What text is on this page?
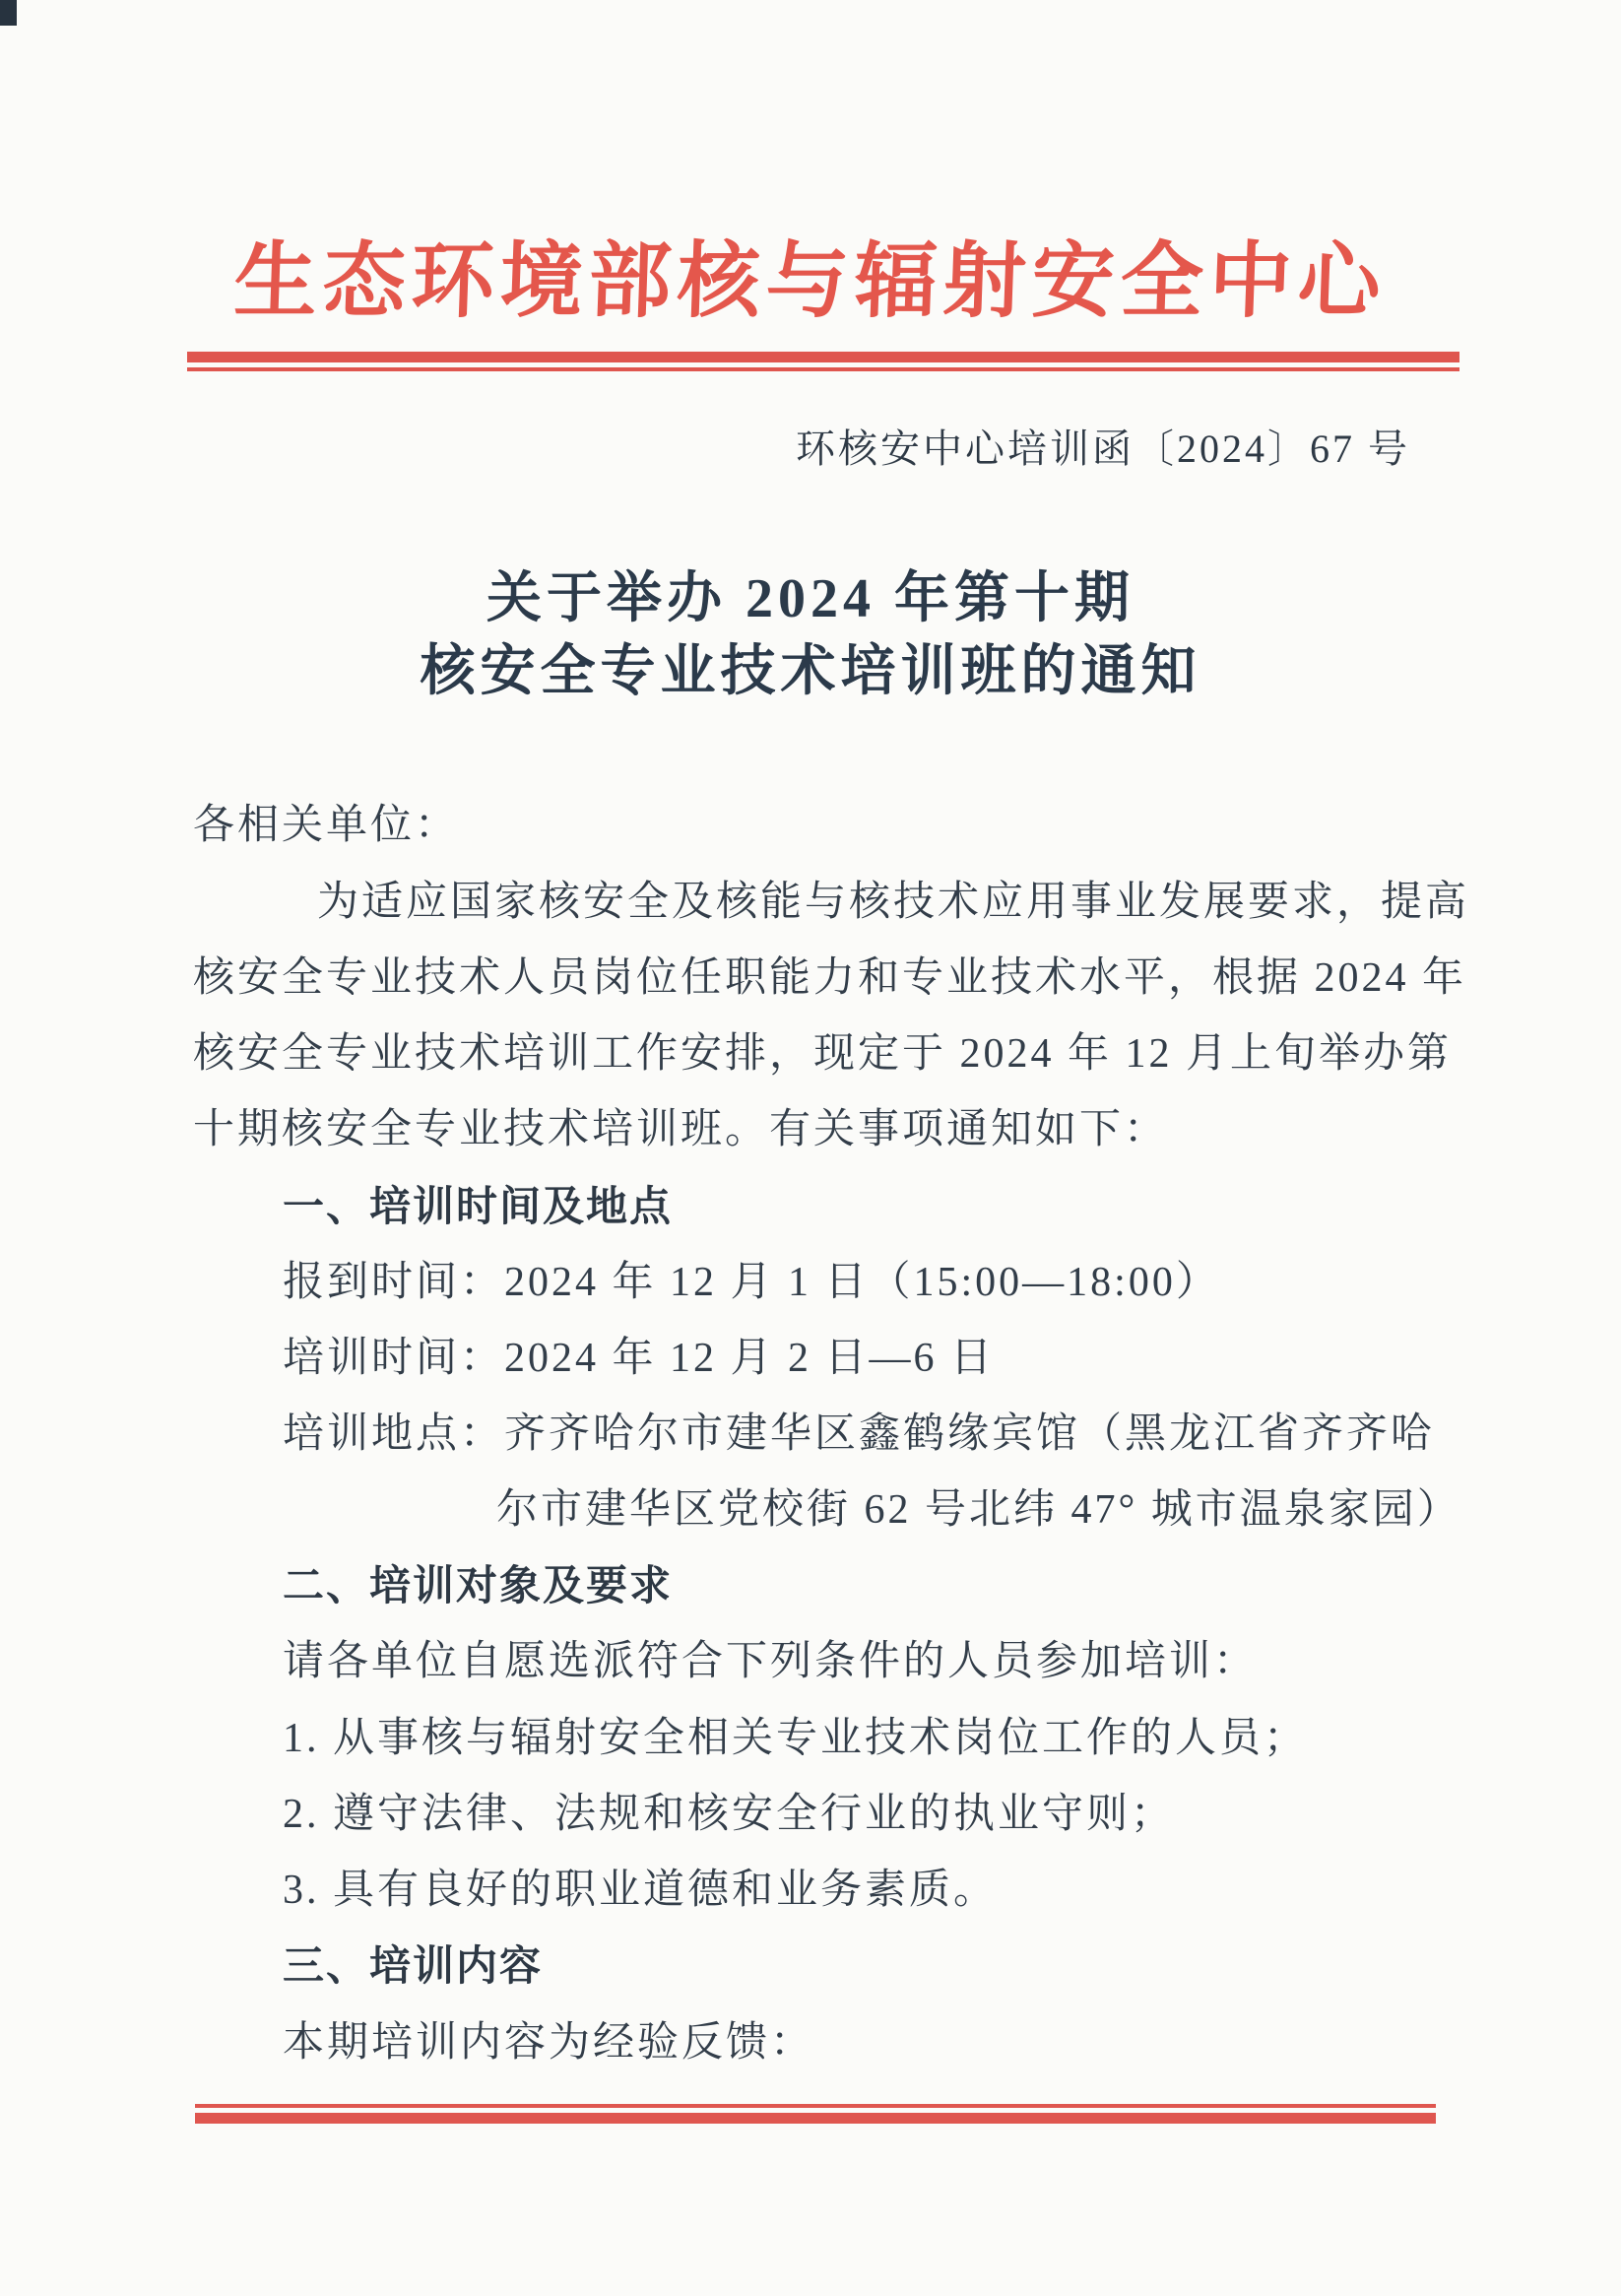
生态环境部核与辐射安全中心
环核安中心培训函〔2024〕67 号
关于举办 2024 年第十期
核安全专业技术培训班的通知
各相关单位：
为适应国家核安全及核能与核技术应用事业发展要求，提高
核安全专业技术人员岗位任职能力和专业技术水平，根据 2024 年
核安全专业技术培训工作安排，现定于 2024 年 12 月上旬举办第
十期核安全专业技术培训班。有关事项通知如下：
一、培训时间及地点
报到时间：2024 年 12 月 1 日（15:00—18:00）
培训时间：2024 年 12 月 2 日—6 日
培训地点：齐齐哈尔市建华区鑫鹤缘宾馆（黑龙江省齐齐哈
尔市建华区党校街 62 号北纬 47° 城市温泉家园）
二、培训对象及要求
请各单位自愿选派符合下列条件的人员参加培训：
1. 从事核与辐射安全相关专业技术岗位工作的人员；
2. 遵守法律、法规和核安全行业的执业守则；
3. 具有良好的职业道德和业务素质。
三、培训内容
本期培训内容为经验反馈：
